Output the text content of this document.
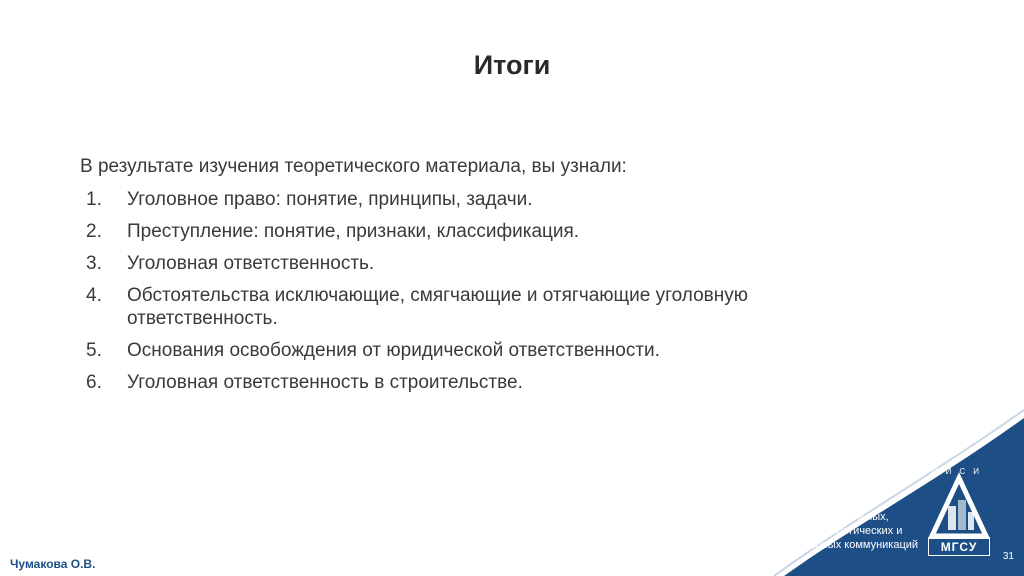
Итоги
В результате изучения теоретического материала, вы узнали:
1. Уголовное право: понятие, принципы, задачи.
2. Преступление: понятие, признаки, классификация.
3. Уголовная ответственность.
4. Обстоятельства исключающие, смягчающие и отягчающие уголовную ответственность.
5. Основания освобождения от юридической ответственности.
6. Уголовная ответственность в строительстве.
Кафедра
Социальных,
психологических и
правовых коммуникаций
МИСИ
МГСУ
31
Чумакова О.В.
